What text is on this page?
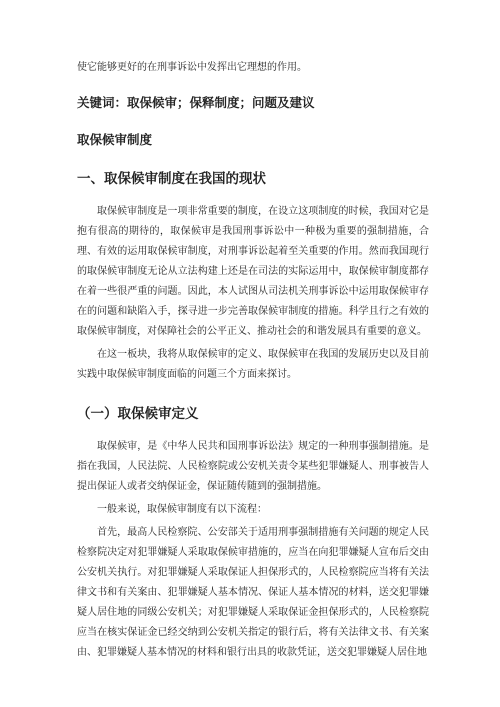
使它能够更好的在刑事诉讼中发挥出它理想的作用。

关键词：取保候审；保释制度；问题及建议

取保候审制度

一、取保候审制度在我国的现状

取保候审制度是一项非常重要的制度，在设立这项制度的时候，我国对它是抱有很高的期待的，取保候审是我国刑事诉讼中一种极为重要的强制措施，合理、有效的运用取保候审制度，对刑事诉讼起着至关重要的作用。然而我国现行的取保候审制度无论从立法构建上还是在司法的实际运用中，取保候审制度都存在着一些很严重的问题。因此，本人试图从司法机关刑事诉讼中运用取保候审存在的问题和缺陷入手，探寻进一步完善取保候审制度的措施。科学且行之有效的取保候审制度，对保障社会的公平正义、推动社会的和谐发展具有重要的意义。

在这一板块，我将从取保候审的定义、取保候审在我国的发展历史以及目前实践中取保候审制度面临的问题三个方面来探讨。

（一）取保候审定义

取保候审，是《中华人民共和国刑事诉讼法》规定的一种刑事强制措施。是指在我国，人民法院、人民检察院或公安机关责令某些犯罪嫌疑人、刑事被告人提出保证人或者交纳保证金，保证随传随到的强制措施。

一般来说，取保候审制度有以下流程：

首先，最高人民检察院、公安部关于适用刑事强制措施有关问题的规定人民检察院决定对犯罪嫌疑人采取取保候审措施的，应当在向犯罪嫌疑人宣布后交由公安机关执行。对犯罪嫌疑人采取保证人担保形式的，人民检察院应当将有关法律文书和有关案由、犯罪嫌疑人基本情况、保证人基本情况的材料，送交犯罪嫌疑人居住地的同级公安机关；对犯罪嫌疑人采取保证金担保形式的，人民检察院应当在核实保证金已经交纳到公安机关指定的银行后，将有关法律文书、有关案由、犯罪嫌疑人基本情况的材料和银行出具的收款凭证，送交犯罪嫌疑人居住地
